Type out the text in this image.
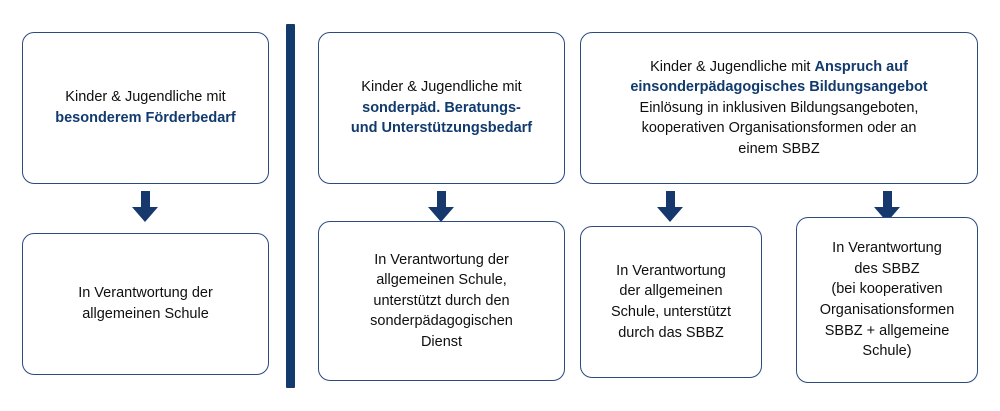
Kinder & Jugendliche mit
besonderem Förderbedarf
Kinder & Jugendliche mit
sonderpäd. Beratungs-
und Unterstützungsbedarf
Kinder & Jugendliche mit Anspruch auf einsonderpädagogisches Bildungsangebot
Einlösung in inklusiven Bildungsangeboten,
kooperativen Organisationsformen oder an
einem SBBZ
In Verantwortung der
allgemeinen Schule
In Verantwortung der
allgemeinen Schule,
unterstützt durch den
sonderpädagogischen
Dienst
In Verantwortung
der allgemeinen
Schule, unterstützt
durch das SBBZ
In Verantwortung
des SBBZ
(bei kooperativen
Organisationsformen
SBBZ + allgemeine
Schule)
